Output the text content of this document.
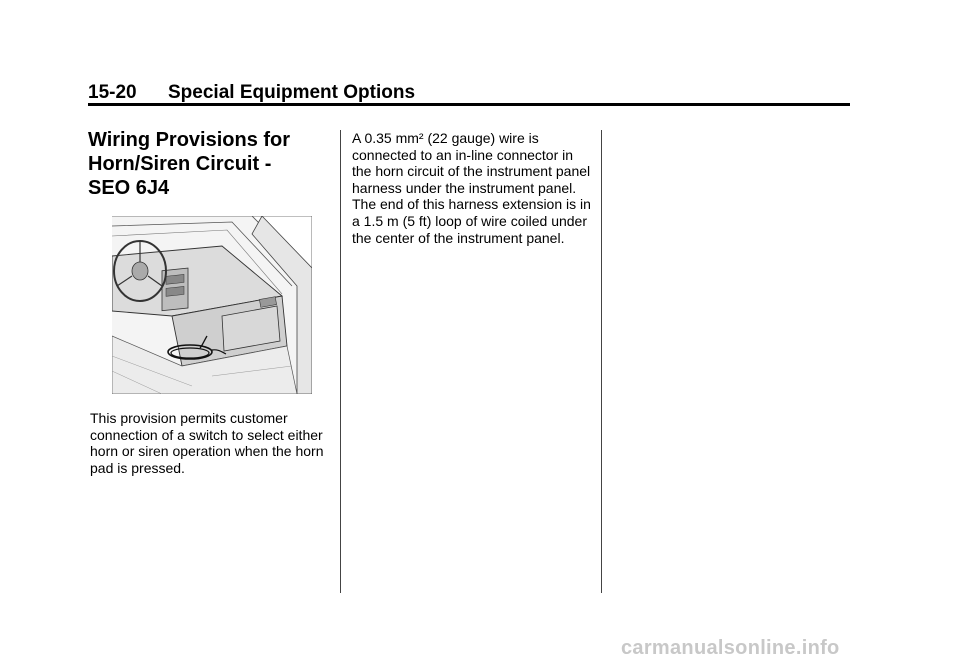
15-20 Special Equipment Options
Wiring Provisions for
Horn/Siren Circuit -
SEO 6J4

This provision permits customer connection of a switch to select either horn or siren operation when the horn pad is pressed.

A 0.35 mm² (22 gauge) wire is connected to an in-line connector in the horn circuit of the instrument panel harness under the instrument panel. The end of this harness extension is in a 1.5 m (5 ft) loop of wire coiled under the center of the instrument panel.

carmanualsonline.info
